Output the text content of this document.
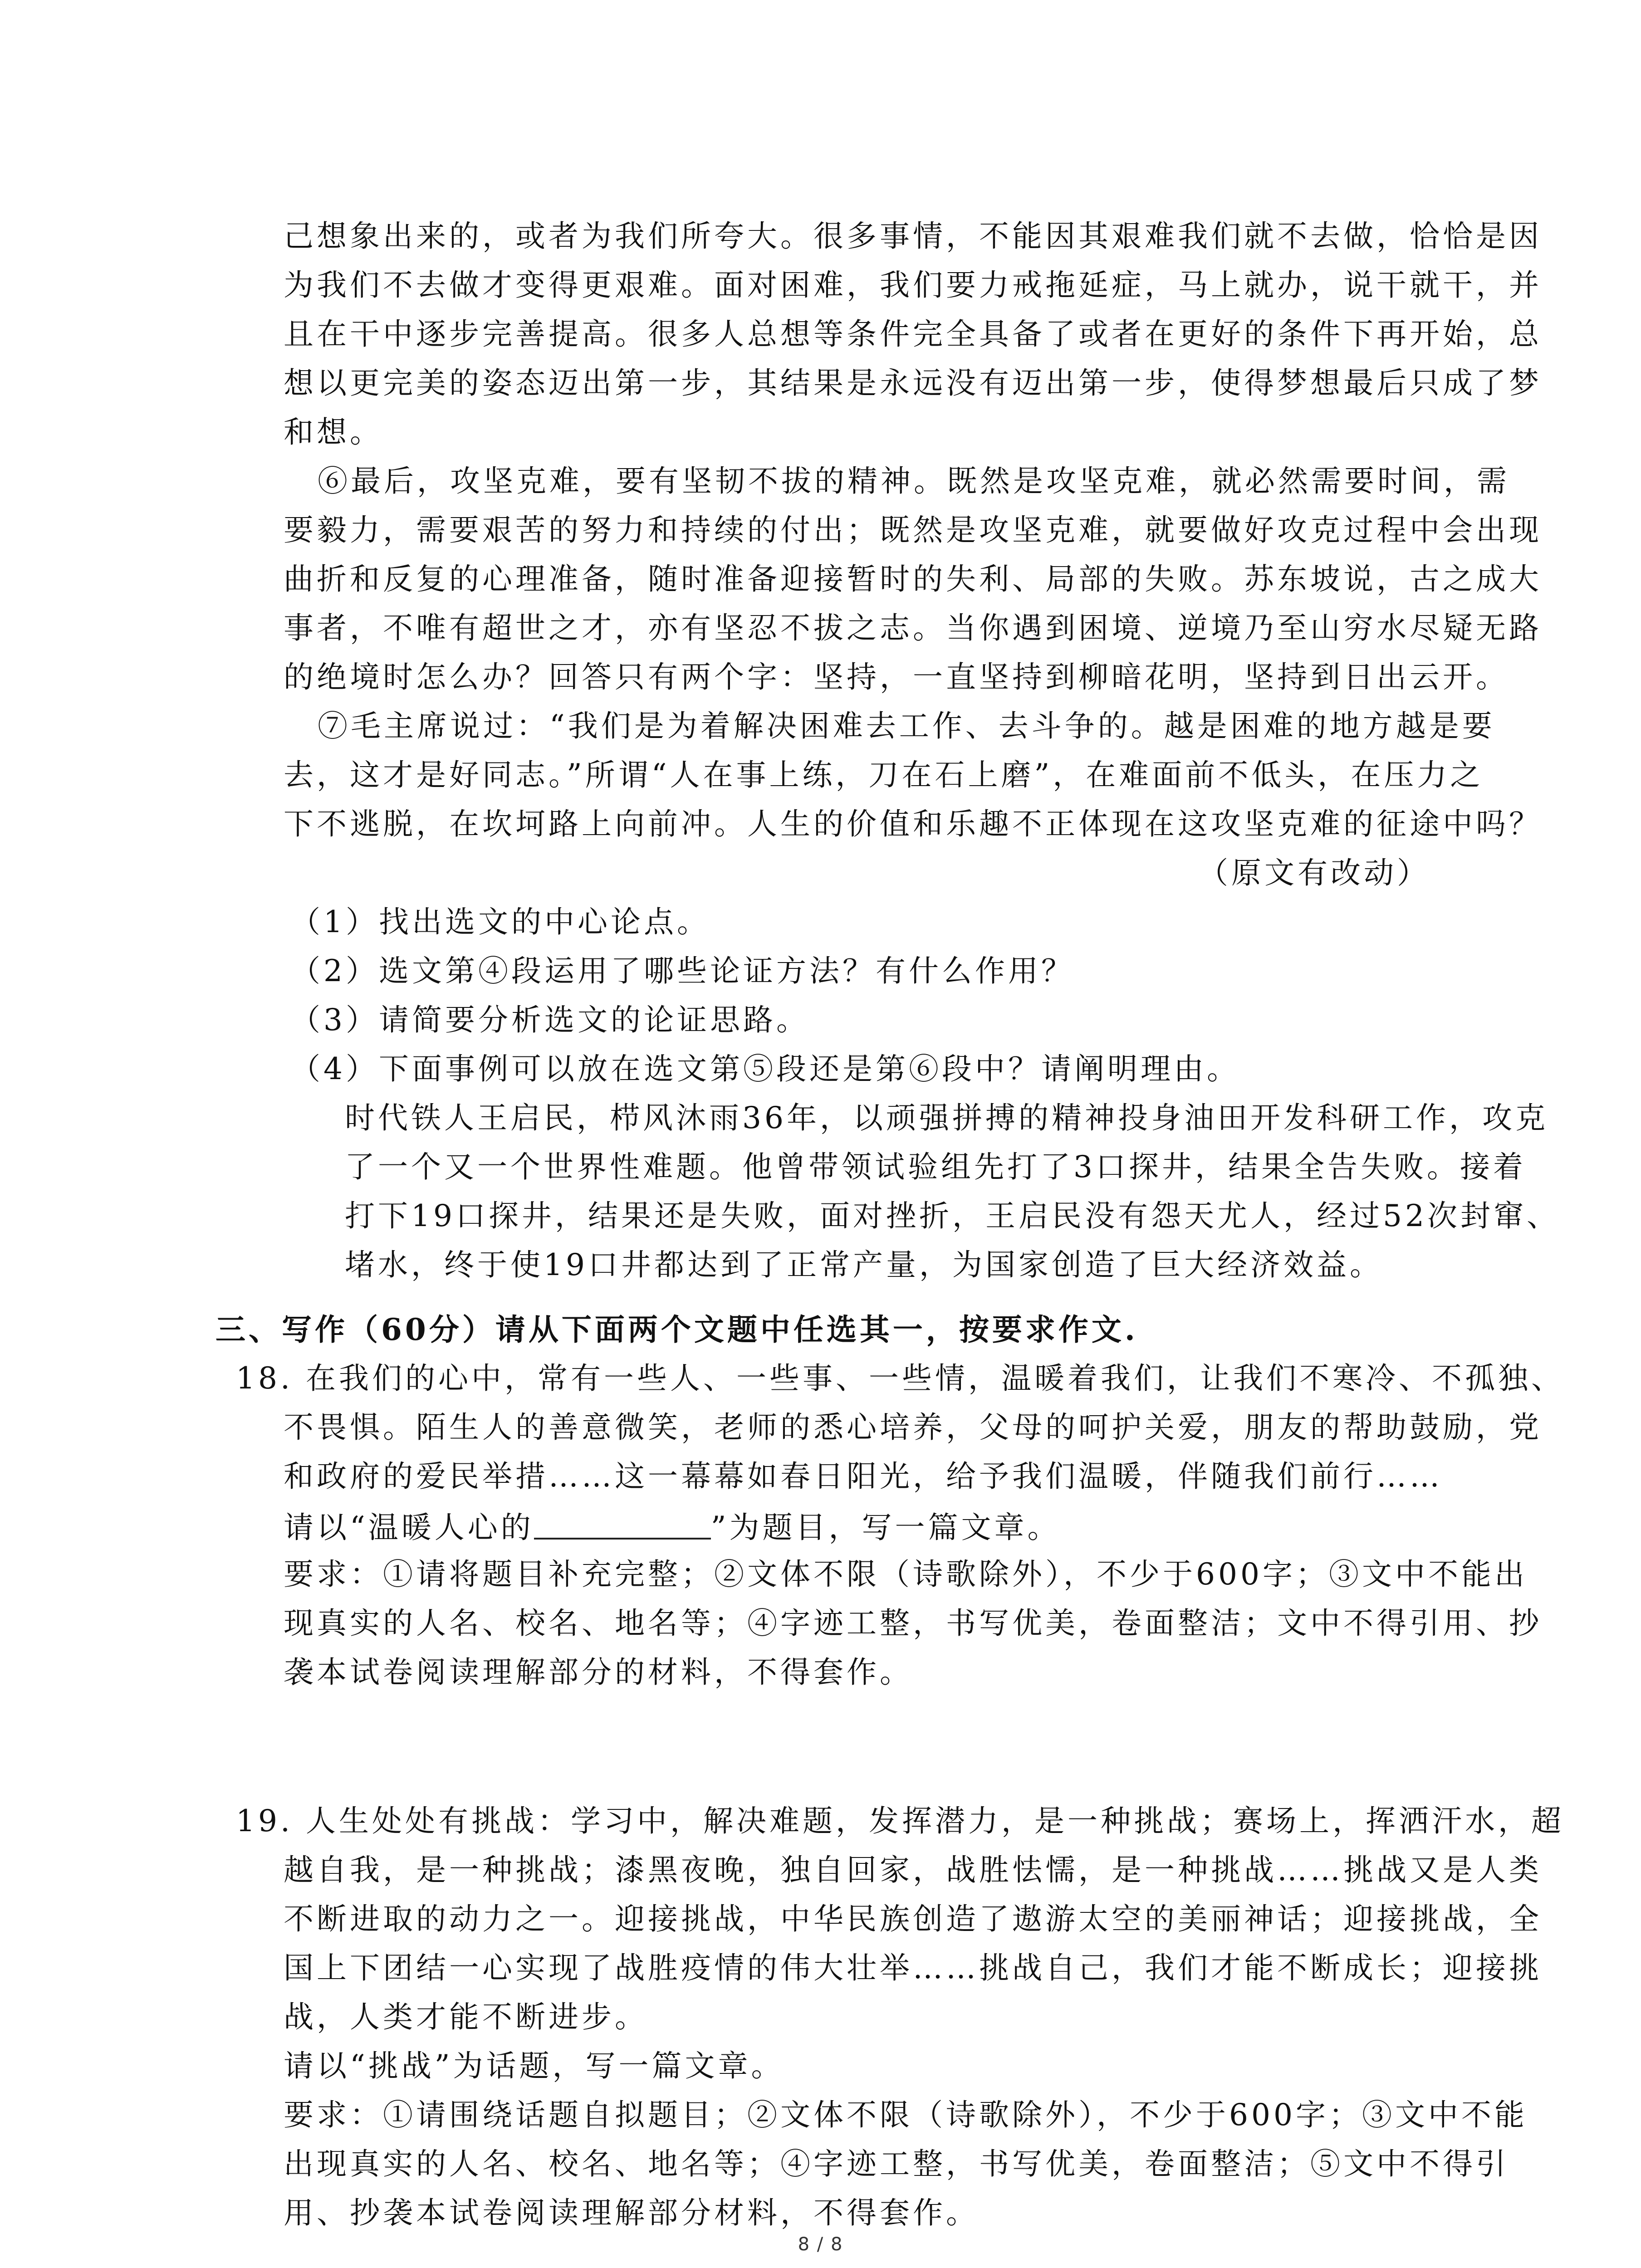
己想象出来的，或者为我们所夸大。很多事情，不能因其艰难我们就不去做，恰恰是因
为我们不去做才变得更艰难。面对困难，我们要力戒拖延症，马上就办，说干就干，并
且在干中逐步完善提高。很多人总想等条件完全具备了或者在更好的条件下再开始，总
想以更完美的姿态迈出第一步，其结果是永远没有迈出第一步，使得梦想最后只成了梦
和想。
⑥最后，攻坚克难，要有坚韧不拔的精神。既然是攻坚克难，就必然需要时间，需
要毅力，需要艰苦的努力和持续的付出；既然是攻坚克难，就要做好攻克过程中会出现
曲折和反复的心理准备，随时准备迎接暂时的失利、局部的失败。苏东坡说，古之成大
事者，不唯有超世之才，亦有坚忍不拔之志。当你遇到困境、逆境乃至山穷水尽疑无路
的绝境时怎么办？回答只有两个字：坚持，一直坚持到柳暗花明，坚持到日出云开。
⑦毛主席说过：“我们是为着解决困难去工作、去斗争的。越是困难的地方越是要
去，这才是好同志。”所谓“人在事上练，刀在石上磨”，在难面前不低头，在压力之
下不逃脱，在坎坷路上向前冲。人生的价值和乐趣不正体现在这攻坚克难的征途中吗？
（原文有改动）
（1）找出选文的中心论点。
（2）选文第④段运用了哪些论证方法？有什么作用？
（3）请简要分析选文的论证思路。
（4）下面事例可以放在选文第⑤段还是第⑥段中？请阐明理由。
时代铁人王启民，栉风沐雨36年，以顽强拼搏的精神投身油田开发科研工作，攻克
了一个又一个世界性难题。他曾带领试验组先打了3口探井，结果全告失败。接着
打下19口探井，结果还是失败，面对挫折，王启民没有怨天尤人，经过52次封窜、
堵水，终于使19口井都达到了正常产量，为国家创造了巨大经济效益。
三、写作（60分）请从下面两个文题中任选其一，按要求作文.
18. 在我们的心中，常有一些人、一些事、一些情，温暖着我们，让我们不寒冷、不孤独、
不畏惧。陌生人的善意微笑，老师的悉心培养，父母的呵护关爱，朋友的帮助鼓励，党
和政府的爱民举措……这一幕幕如春日阳光，给予我们温暖，伴随我们前行……
请以“温暖人心的	”为题目，写一篇文章。
要求：①请将题目补充完整；②文体不限（诗歌除外），不少于600字；③文中不能出
现真实的人名、校名、地名等；④字迹工整，书写优美，卷面整洁；文中不得引用、抄
袭本试卷阅读理解部分的材料，不得套作。
19. 人生处处有挑战：学习中，解决难题，发挥潜力，是一种挑战；赛场上，挥洒汗水，超
越自我，是一种挑战；漆黑夜晚，独自回家，战胜怯懦，是一种挑战……挑战又是人类
不断进取的动力之一。迎接挑战，中华民族创造了遨游太空的美丽神话；迎接挑战，全
国上下团结一心实现了战胜疫情的伟大壮举……挑战自己，我们才能不断成长；迎接挑
战，人类才能不断进步。
请以“挑战”为话题，写一篇文章。
要求：①请围绕话题自拟题目；②文体不限（诗歌除外），不少于600字；③文中不能
出现真实的人名、校名、地名等；④字迹工整，书写优美，卷面整洁；⑤文中不得引
用、抄袭本试卷阅读理解部分材料，不得套作。
8 / 8
